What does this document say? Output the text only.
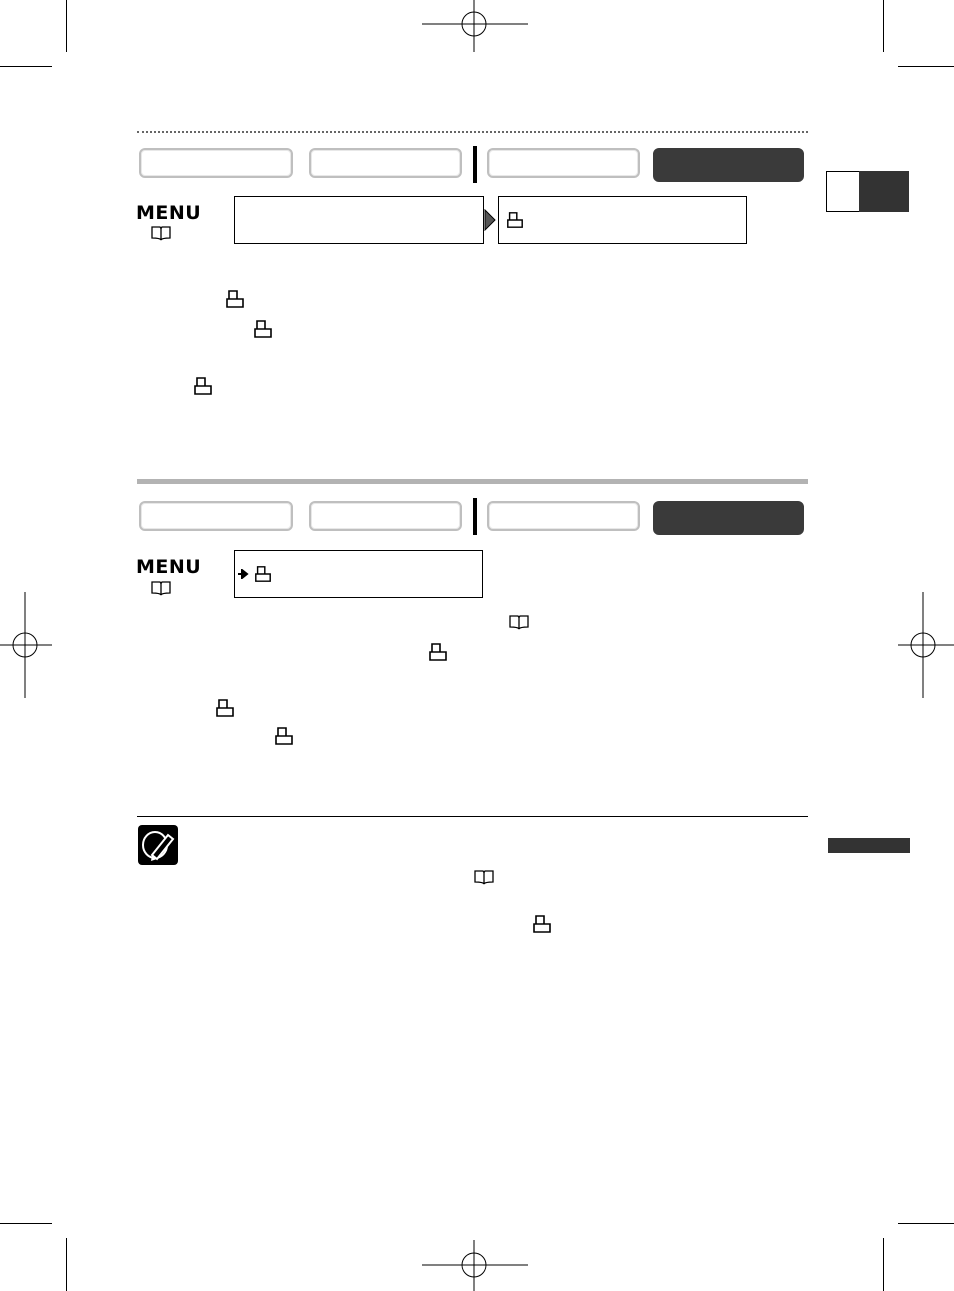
MENU
MENU
